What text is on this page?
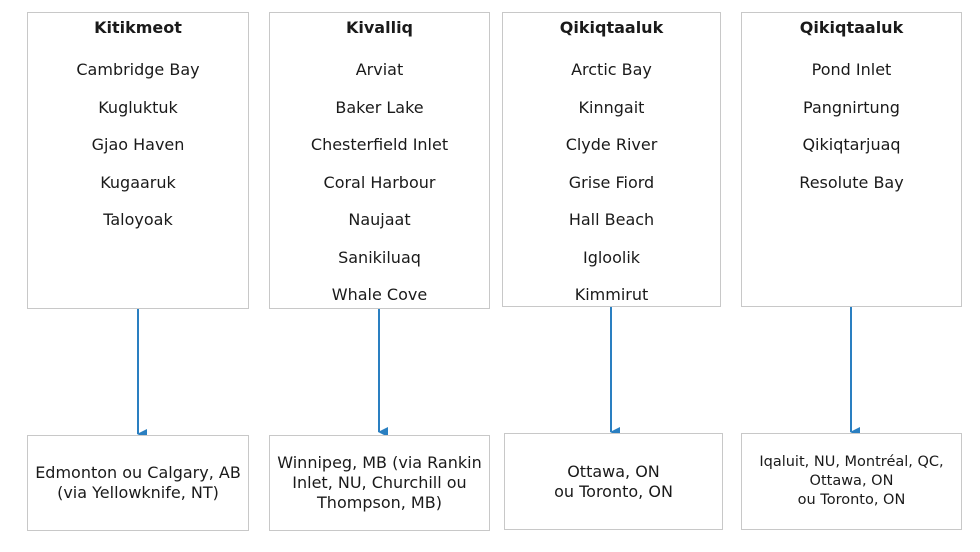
Kitikmeot
Cambridge Bay
Kugluktuk
Gjao Haven
Kugaaruk
Taloyoak
Kivalliq
Arviat
Baker Lake
Chesterfield Inlet
Coral Harbour
Naujaat
Sanikiluaq
Whale Cove
Qikiqtaaluk
Arctic Bay
Kinngait
Clyde River
Grise Fiord
Hall Beach
Igloolik
Kimmirut
Qikiqtaaluk
Pond Inlet
Pangnirtung
Qikiqtarjuaq
Resolute Bay
Edmonton ou Calgary, AB
(via Yellowknife, NT)
Winnipeg, MB (via Rankin
Inlet, NU, Churchill ou
Thompson, MB)
Ottawa, ON
ou Toronto, ON
Iqaluit, NU, Montréal, QC,
Ottawa, ON
ou Toronto, ON
